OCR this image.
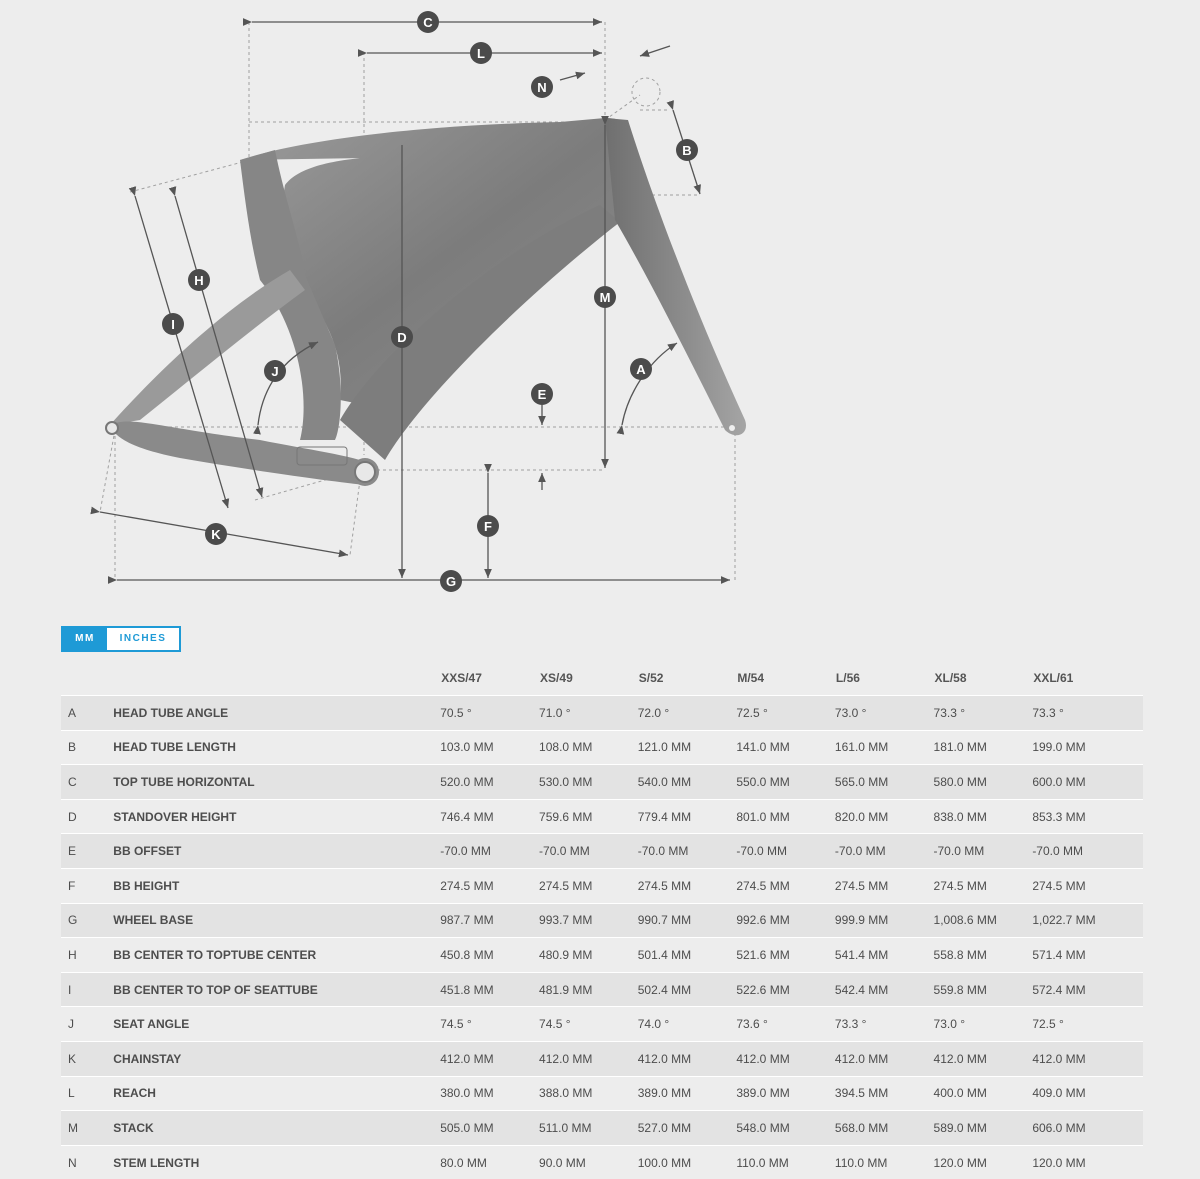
C
L
N
B
H
I
M
D
J	A
E
F
K
G
MM	INCHES
		XXS/47	XS/49	S/52	M/54	L/56	XL/58	XXL/61
A	HEAD TUBE ANGLE	70.5 °	71.0 °	72.0 °	72.5 °	73.0 °	73.3 °	73.3 °
B	HEAD TUBE LENGTH	103.0 MM	108.0 MM	121.0 MM	141.0 MM	161.0 MM	181.0 MM	199.0 MM
C	TOP TUBE HORIZONTAL	520.0 MM	530.0 MM	540.0 MM	550.0 MM	565.0 MM	580.0 MM	600.0 MM
D	STANDOVER HEIGHT	746.4 MM	759.6 MM	779.4 MM	801.0 MM	820.0 MM	838.0 MM	853.3 MM
E	BB OFFSET	-70.0 MM	-70.0 MM	-70.0 MM	-70.0 MM	-70.0 MM	-70.0 MM	-70.0 MM
F	BB HEIGHT	274.5 MM	274.5 MM	274.5 MM	274.5 MM	274.5 MM	274.5 MM	274.5 MM
G	WHEEL BASE	987.7 MM	993.7 MM	990.7 MM	992.6 MM	999.9 MM	1,008.6 MM	1,022.7 MM
H	BB CENTER TO TOPTUBE CENTER	450.8 MM	480.9 MM	501.4 MM	521.6 MM	541.4 MM	558.8 MM	571.4 MM
I	BB CENTER TO TOP OF SEATTUBE	451.8 MM	481.9 MM	502.4 MM	522.6 MM	542.4 MM	559.8 MM	572.4 MM
J	SEAT ANGLE	74.5 °	74.5 °	74.0 °	73.6 °	73.3 °	73.0 °	72.5 °
K	CHAINSTAY	412.0 MM	412.0 MM	412.0 MM	412.0 MM	412.0 MM	412.0 MM	412.0 MM
L	REACH	380.0 MM	388.0 MM	389.0 MM	389.0 MM	394.5 MM	400.0 MM	409.0 MM
M	STACK	505.0 MM	511.0 MM	527.0 MM	548.0 MM	568.0 MM	589.0 MM	606.0 MM
N	STEM LENGTH	80.0 MM	90.0 MM	100.0 MM	110.0 MM	110.0 MM	120.0 MM	120.0 MM
